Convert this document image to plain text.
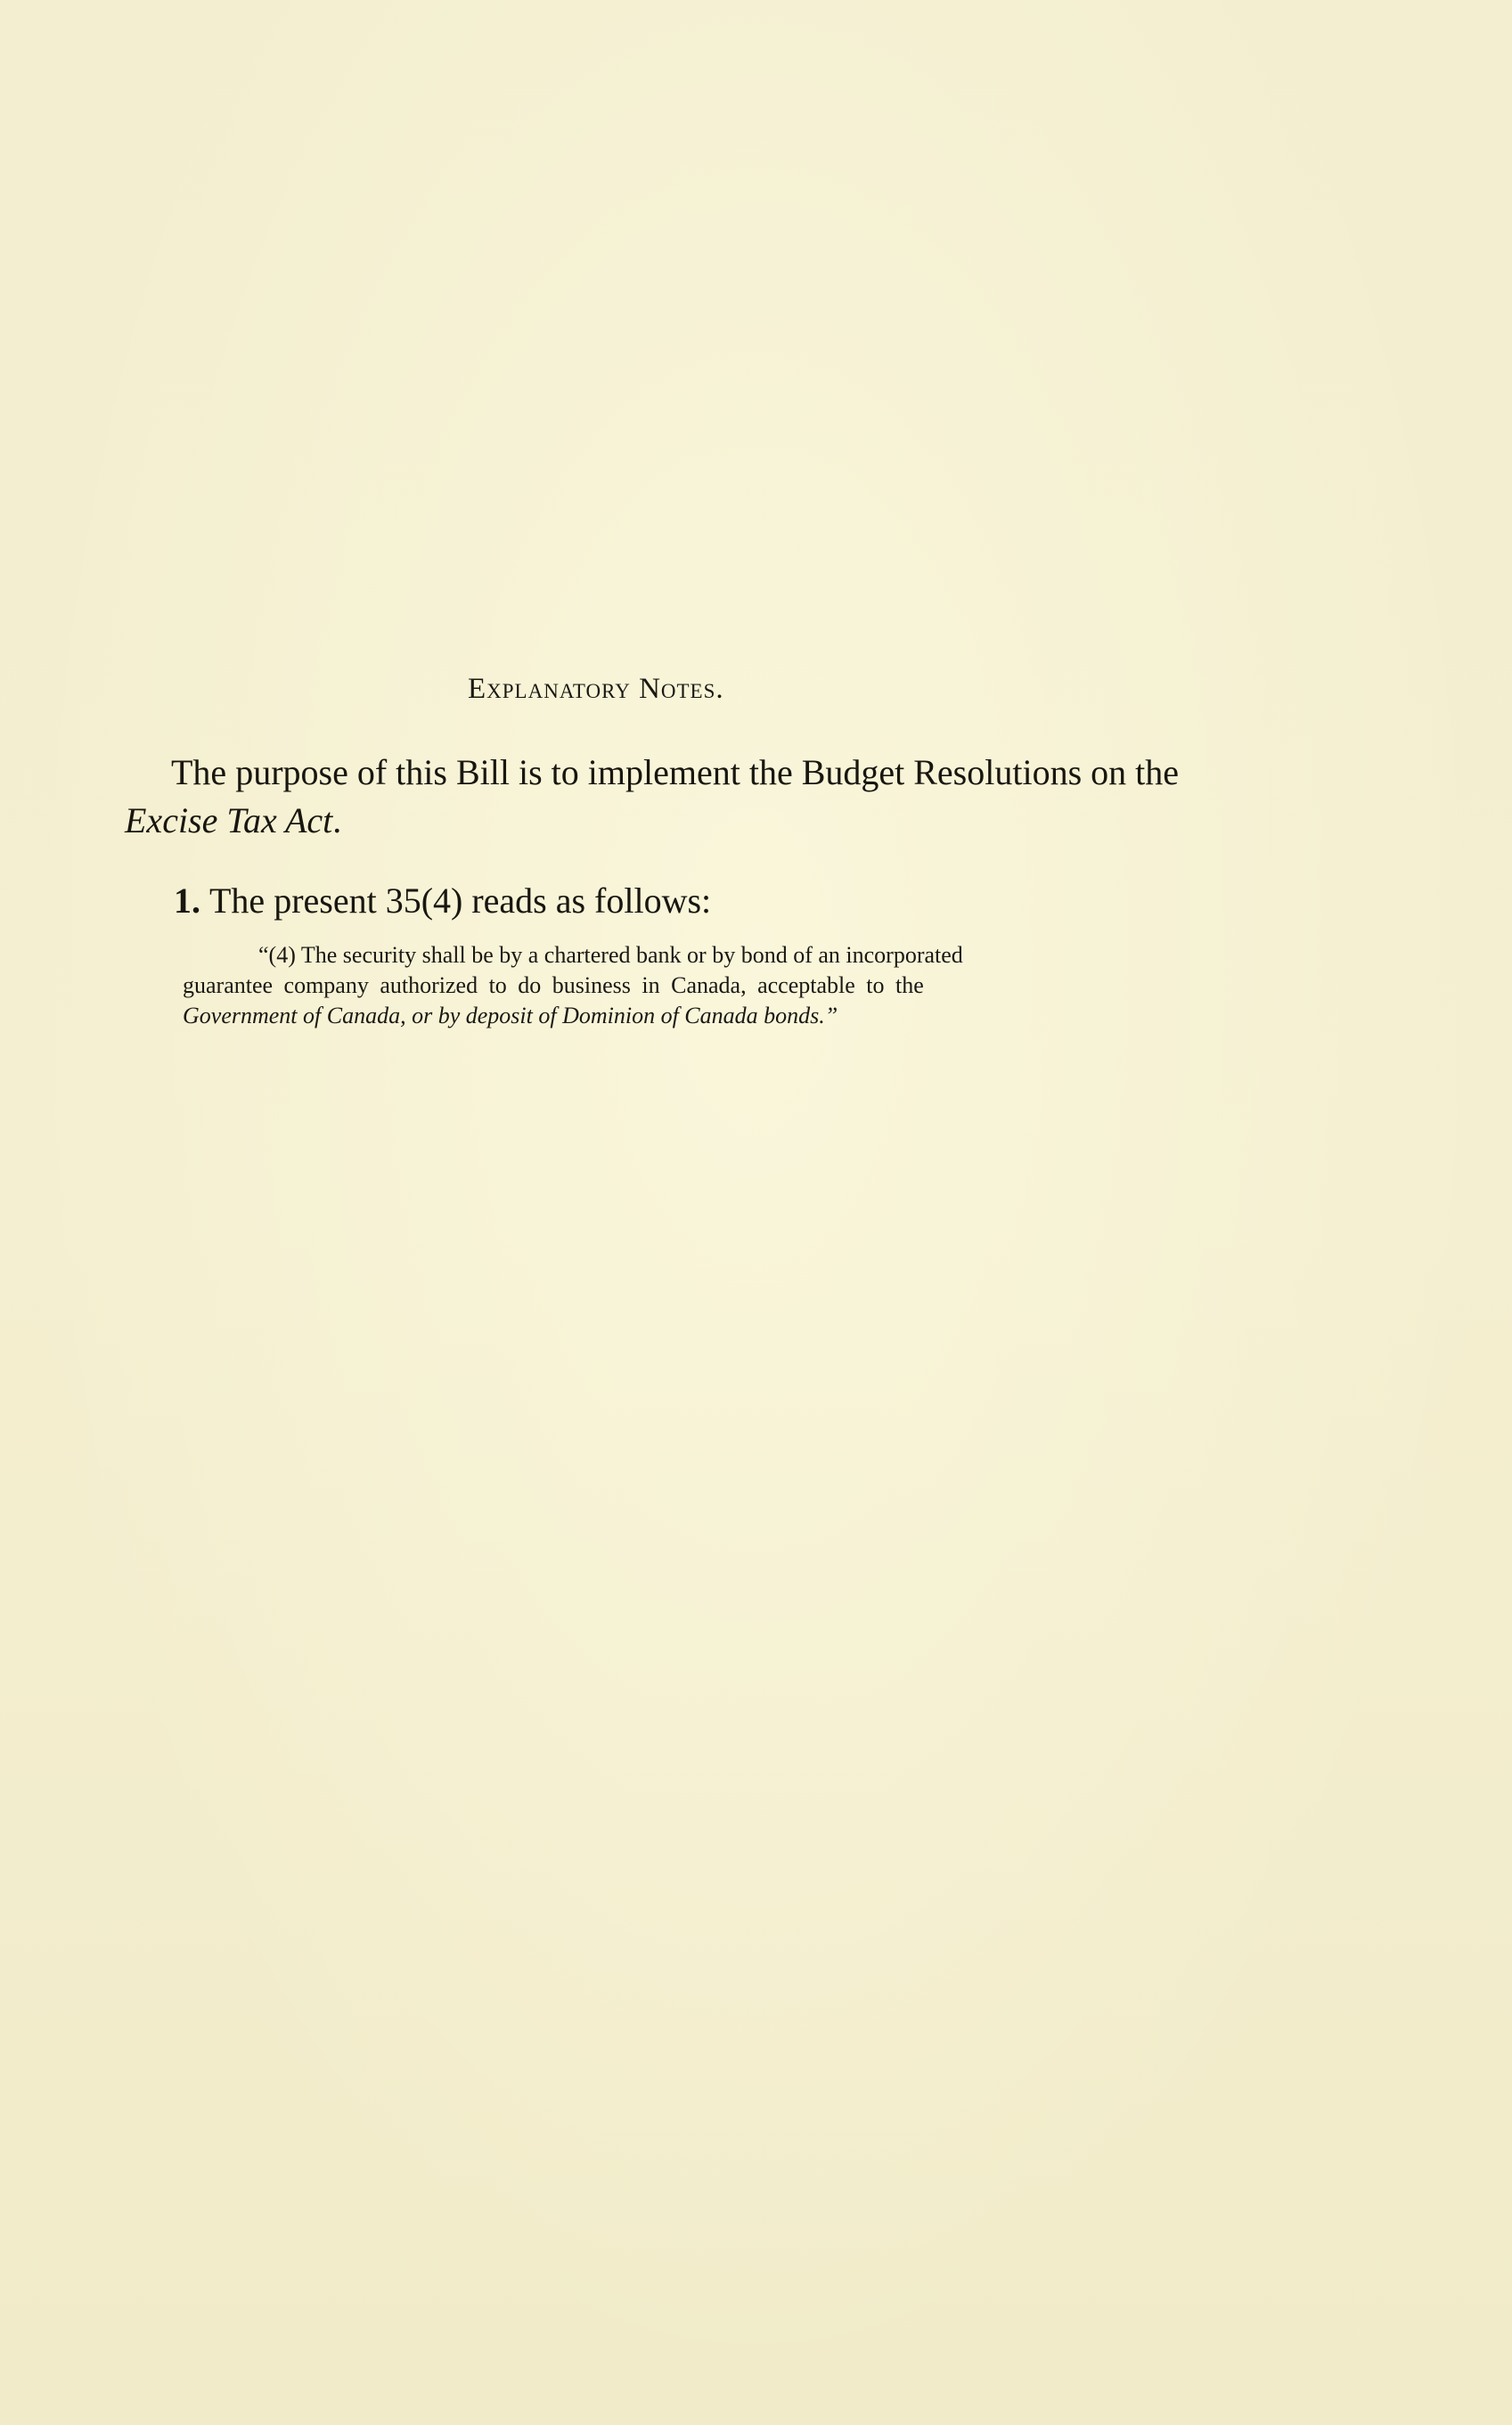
Explanatory Notes.
The purpose of this Bill is to implement the Budget Resolutions on the Excise Tax Act.
1. The present 35(4) reads as follows:
“(4) The security shall be by a chartered bank or by bond of an incorporated
guarantee company authorized to do business in Canada, acceptable to the
Government of Canada, or by deposit of Dominion of Canada bonds.”
